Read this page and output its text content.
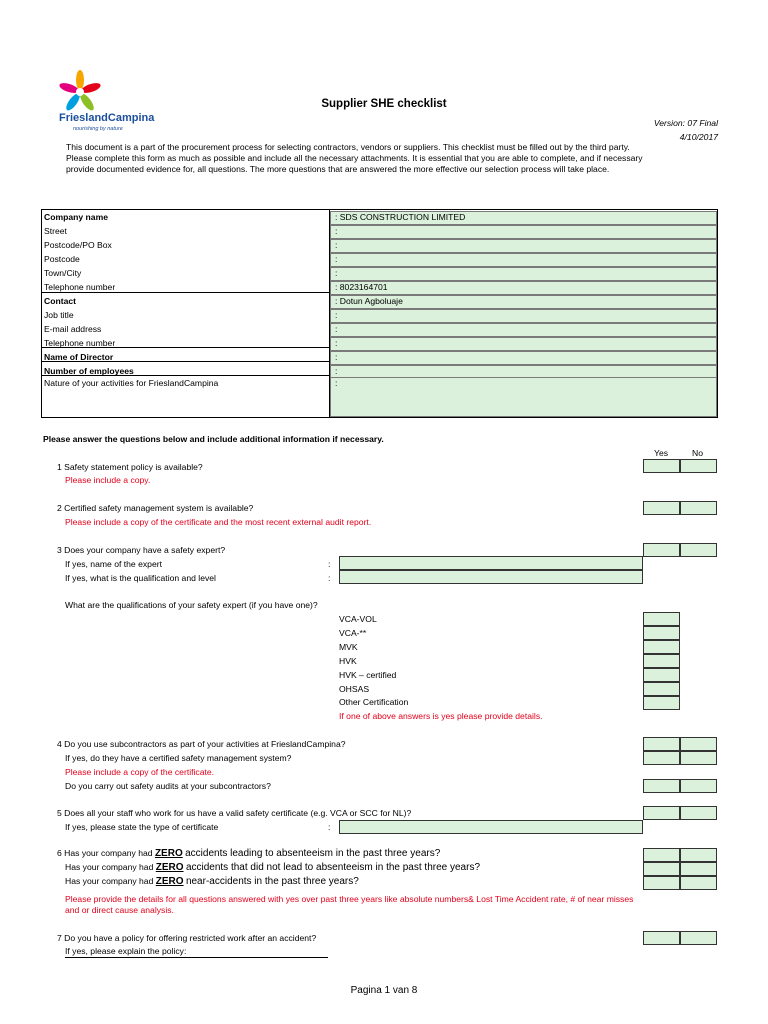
FrieslandCampina
nourishing by nature
Supplier SHE checklist
Version: 07 Final
4/10/2017
This document is a part of the procurement process for selecting contractors, vendors or suppliers. This checklist must be filled out by the third party. Please complete this form as much as possible and include all the necessary attachments. It is essential that you are able to complete, and if necessary provide documented evidence for, all questions. The more questions that are answered the more effective our selection process will take place.
Company name	: SDS CONSTRUCTION LIMITED
Street	:
Postcode/PO Box	:
Postcode	:
Town/City	:
Telephone number	: 8023164701
Contact	: Dotun Agboluaje
Job title	:
E-mail address	:
Telephone number	:
Name of Director	:
Number of employees	:
Nature of your activities for FrieslandCampina	:
Please answer the questions below and include additional information if necessary.
Yes	No
1 Safety statement policy is available?
Please include a copy.
2 Certified safety management system is available?
Please include a copy of the certificate and the most recent external audit report.
3 Does your company have a safety expert?
If yes, name of the expert	:
If yes, what is the qualification and level	:
What are the qualifications of your safety expert (if you have one)?
VCA-VOL
VCA-**
MVK
HVK
HVK – certified
OHSAS
Other Certification
If one of above answers is yes please provide details.
4 Do you use subcontractors as part of your activities at FrieslandCampina?
If yes, do they have a certified safety management system?
Please include a copy of the certificate.
Do you carry out safety audits at your subcontractors?
5 Does all your staff who work for us have a valid safety certificate (e.g. VCA or SCC for NL)?
If yes, please state the type of certificate	:
6 Has your company had ZERO accidents leading to absenteeism in the past three years?
Has your company had ZERO accidents that did not lead to absenteeism in the past three years?
Has your company had ZERO near-accidents in the past three years?
Please provide the details for all questions answered with yes over past three years like absolute numbers& Lost Time Accident rate, # of near misses and or direct cause analysis.
7 Do you have a policy for offering restricted work after an accident?
If yes, please explain the policy:
Pagina 1 van 8
